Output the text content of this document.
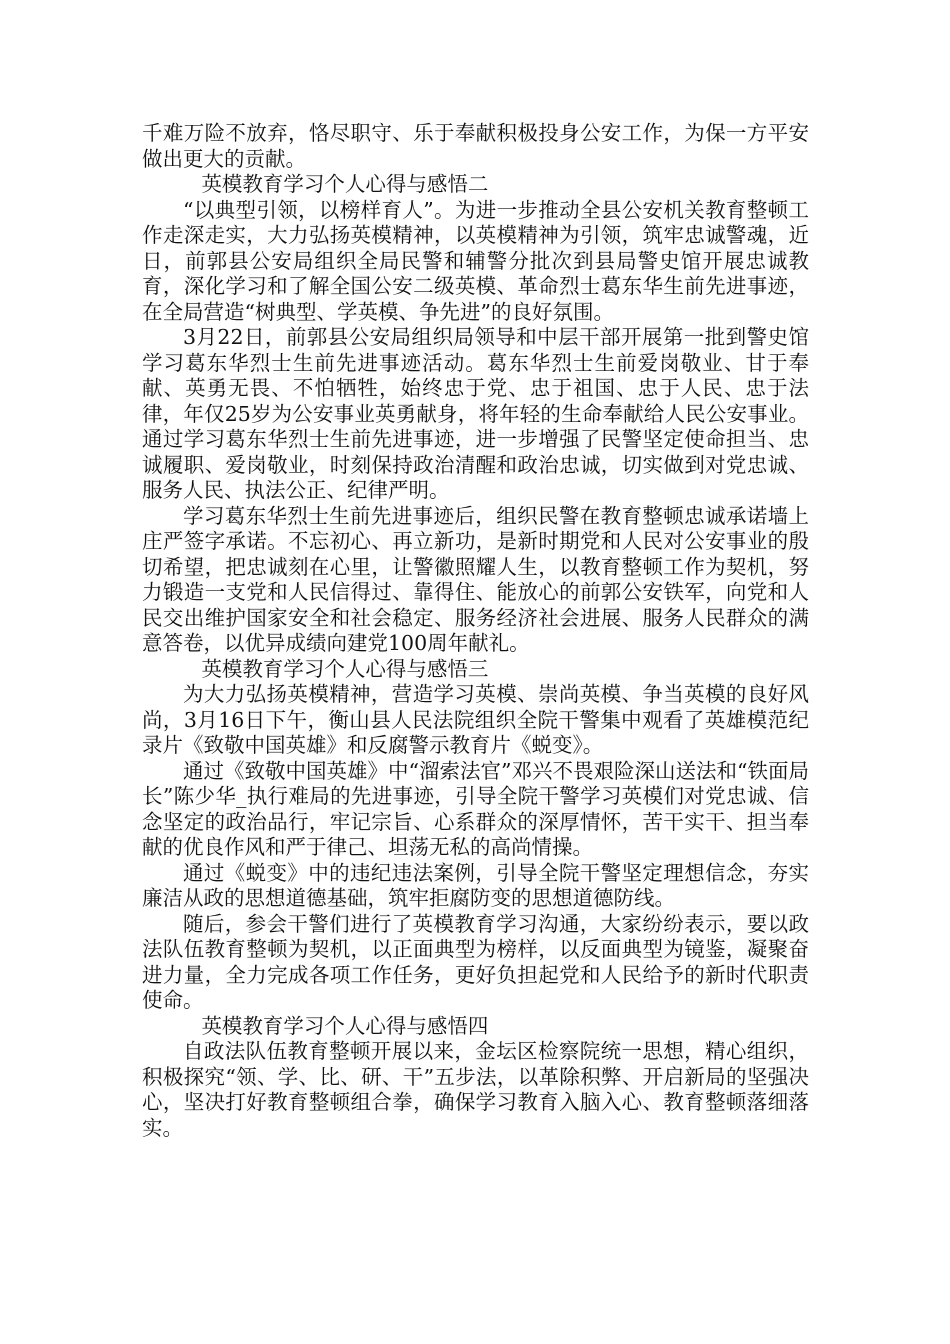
千难万险不放弃，恪尽职守、乐于奉献积极投身公安工作，为保一方平安做出更大的贡献。

英模教育学习个人心得与感悟二

“以典型引领，以榜样育人”。为进一步推动全县公安机关教育整顿工作走深走实，大力弘扬英模精神，以英模精神为引领，筑牢忠诚警魂，近日，前郭县公安局组织全局民警和辅警分批次到县局警史馆开展忠诚教育，深化学习和了解全国公安二级英模、革命烈士葛东华生前先进事迹，在全局营造“树典型、学英模、争先进”的良好氛围。

3月22日，前郭县公安局组织局领导和中层干部开展第一批到警史馆学习葛东华烈士生前先进事迹活动。葛东华烈士生前爱岗敬业、甘于奉献、英勇无畏、不怕牺牲，始终忠于党、忠于祖国、忠于人民、忠于法律，年仅25岁为公安事业英勇献身，将年轻的生命奉献给人民公安事业。通过学习葛东华烈士生前先进事迹，进一步增强了民警坚定使命担当、忠诚履职、爱岗敬业，时刻保持政治清醒和政治忠诚，切实做到对党忠诚、服务人民、执法公正、纪律严明。

学习葛东华烈士生前先进事迹后，组织民警在教育整顿忠诚承诺墙上庄严签字承诺。不忘初心、再立新功，是新时期党和人民对公安事业的殷切希望，把忠诚刻在心里，让警徽照耀人生，以教育整顿工作为契机，努力锻造一支党和人民信得过、靠得住、能放心的前郭公安铁军，向党和人民交出维护国家安全和社会稳定、服务经济社会进展、服务人民群众的满意答卷，以优异成绩向建党100周年献礼。

英模教育学习个人心得与感悟三

为大力弘扬英模精神，营造学习英模、崇尚英模、争当英模的良好风尚，3月16日下午，衡山县人民法院组织全院干警集中观看了英雄模范纪录片《致敬中国英雄》和反腐警示教育片《蜕变》。

通过《致敬中国英雄》中“溜索法官”邓兴不畏艰险深山送法和“铁面局长”陈少华_执行难局的先进事迹，引导全院干警学习英模们对党忠诚、信念坚定的政治品行，牢记宗旨、心系群众的深厚情怀，苦干实干、担当奉献的优良作风和严于律己、坦荡无私的高尚情操。

通过《蜕变》中的违纪违法案例，引导全院干警坚定理想信念，夯实廉洁从政的思想道德基础，筑牢拒腐防变的思想道德防线。

随后，参会干警们进行了英模教育学习沟通，大家纷纷表示，要以政法队伍教育整顿为契机，以正面典型为榜样，以反面典型为镜鉴，凝聚奋进力量，全力完成各项工作任务，更好负担起党和人民给予的新时代职责使命。

英模教育学习个人心得与感悟四

自政法队伍教育整顿开展以来，金坛区检察院统一思想，精心组织，积极探究“领、学、比、研、干”五步法，以革除积弊、开启新局的坚强决心，坚决打好教育整顿组合拳，确保学习教育入脑入心、教育整顿落细落实。
